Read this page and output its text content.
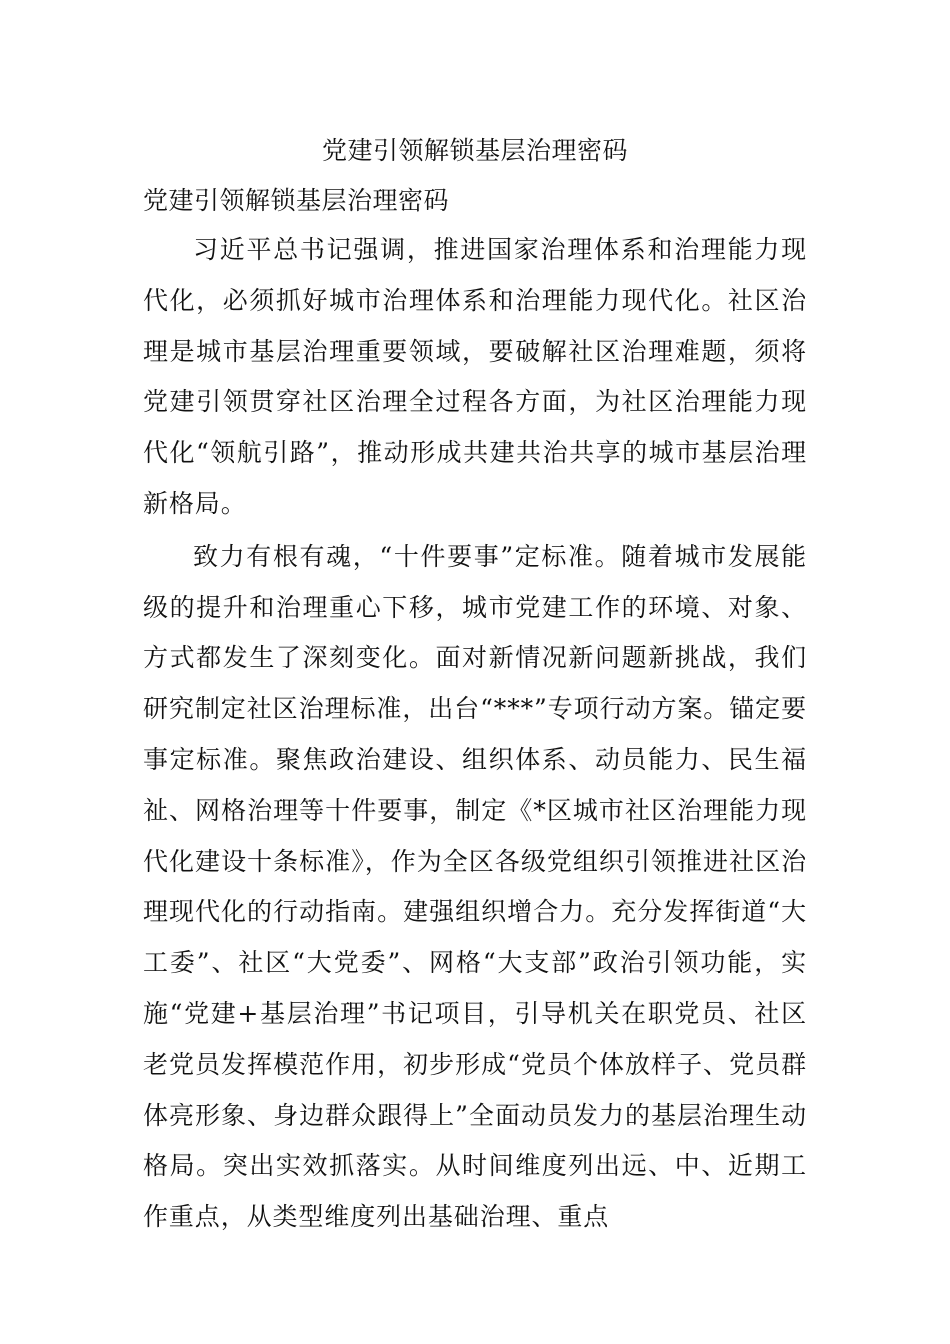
党建引领解锁基层治理密码
党建引领解锁基层治理密码

习近平总书记强调，推进国家治理体系和治理能力现代化，必须抓好城市治理体系和治理能力现代化。社区治理是城市基层治理重要领域，要破解社区治理难题，须将党建引领贯穿社区治理全过程各方面，为社区治理能力现代化“领航引路”，推动形成共建共治共享的城市基层治理新格局。

致力有根有魂，“十件要事”定标准。随着城市发展能级的提升和治理重心下移，城市党建工作的环境、对象、方式都发生了深刻变化。面对新情况新问题新挑战，我们研究制定社区治理标准，出台“***”专项行动方案。锚定要事定标准。聚焦政治建设、组织体系、动员能力、民生福祉、网格治理等十件要事，制定《*区城市社区治理能力现代化建设十条标准》，作为全区各级党组织引领推进社区治理现代化的行动指南。建强组织增合力。充分发挥街道“大工委”、社区“大党委”、网格“大支部”政治引领功能，实施“党建+基层治理”书记项目，引导机关在职党员、社区老党员发挥模范作用，初步形成“党员个体放样子、党员群体亮形象、身边群众跟得上”全面动员发力的基层治理生动格局。突出实效抓落实。从时间维度列出远、中、近期工作重点，从类型维度列出基础治理、重点
